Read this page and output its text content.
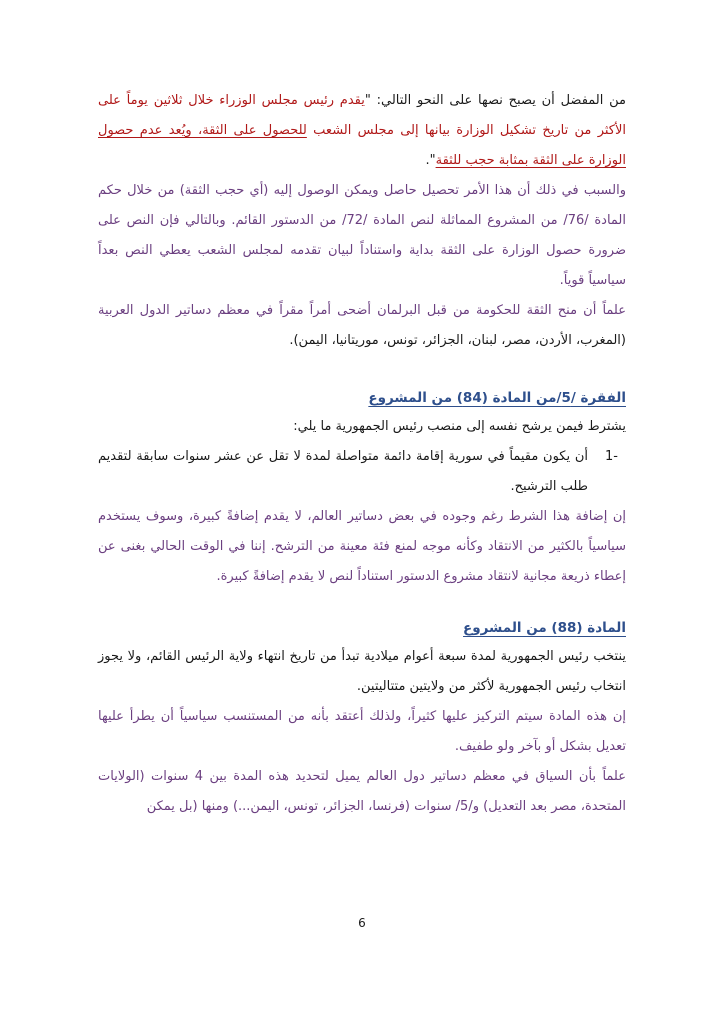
من المفضل أن يصبح نصها على النحو التالي: "يقدم رئيس مجلس الوزراء خلال ثلاثين يوماً على الأكثر من تاريخ تشكيل الوزارة بيانها إلى مجلس الشعب للحصول على الثقة، ويُعد عدم حصول الوزارة على الثقة بمثابة حجب للثقة".

والسبب في ذلك أن هذا الأمر تحصيل حاصل ويمكن الوصول إليه (أي حجب الثقة) من خلال حكم المادة /76/ من المشروع المماثلة لنص المادة /72/ من الدستور القائم. وبالتالي فإن النص على ضرورة حصول الوزارة على الثقة بداية واستناداً لبيان تقدمه لمجلس الشعب يعطي النص بعداً سياسياً قوياً.

علماً أن منح الثقة للحكومة من قبل البرلمان أضحى أمراً مقراً في معظم دساتير الدول العربية (المغرب، الأردن، مصر، لبنان، الجزائر، تونس، موريتانيا، اليمن).

الفقرة /5/من المادة (84) من المشروع

يشترط فيمن يرشح نفسه إلى منصب رئيس الجمهورية ما يلي:

-1
أن يكون مقيماً في سورية إقامة دائمة متواصلة لمدة لا تقل عن عشر سنوات سابقة لتقديم طلب الترشيح.

إن إضافة هذا الشرط رغم وجوده في بعض دساتير العالم، لا يقدم إضافةً كبيرة، وسوف يستخدم سياسياً بالكثير من الانتقاد وكأنه موجه لمنع فئة معينة من الترشح. إننا في الوقت الحالي بغنى عن إعطاء ذريعة مجانية لانتقاد مشروع الدستور استناداً لنص لا يقدم إضافةً كبيرة.

المادة (88) من المشروع

ينتخب رئيس الجمهورية لمدة سبعة أعوام ميلادية تبدأ من تاريخ انتهاء ولاية الرئيس القائم، ولا يجوز انتخاب رئيس الجمهورية لأكثر من ولايتين متتاليتين.

إن هذه المادة سيتم التركيز عليها كثيراً، ولذلك أعتقد بأنه من المستنسب سياسياً أن يطرأ عليها تعديل بشكل أو بآخر ولو طفيف.

علماً بأن السياق في معظم دساتير دول العالم يميل لتحديد هذه المدة بين 4 سنوات (الولايات المتحدة، مصر بعد التعديل) و/5/ سنوات (فرنسا، الجزائر، تونس، اليمن...) ومنها (بل يمكن

6
